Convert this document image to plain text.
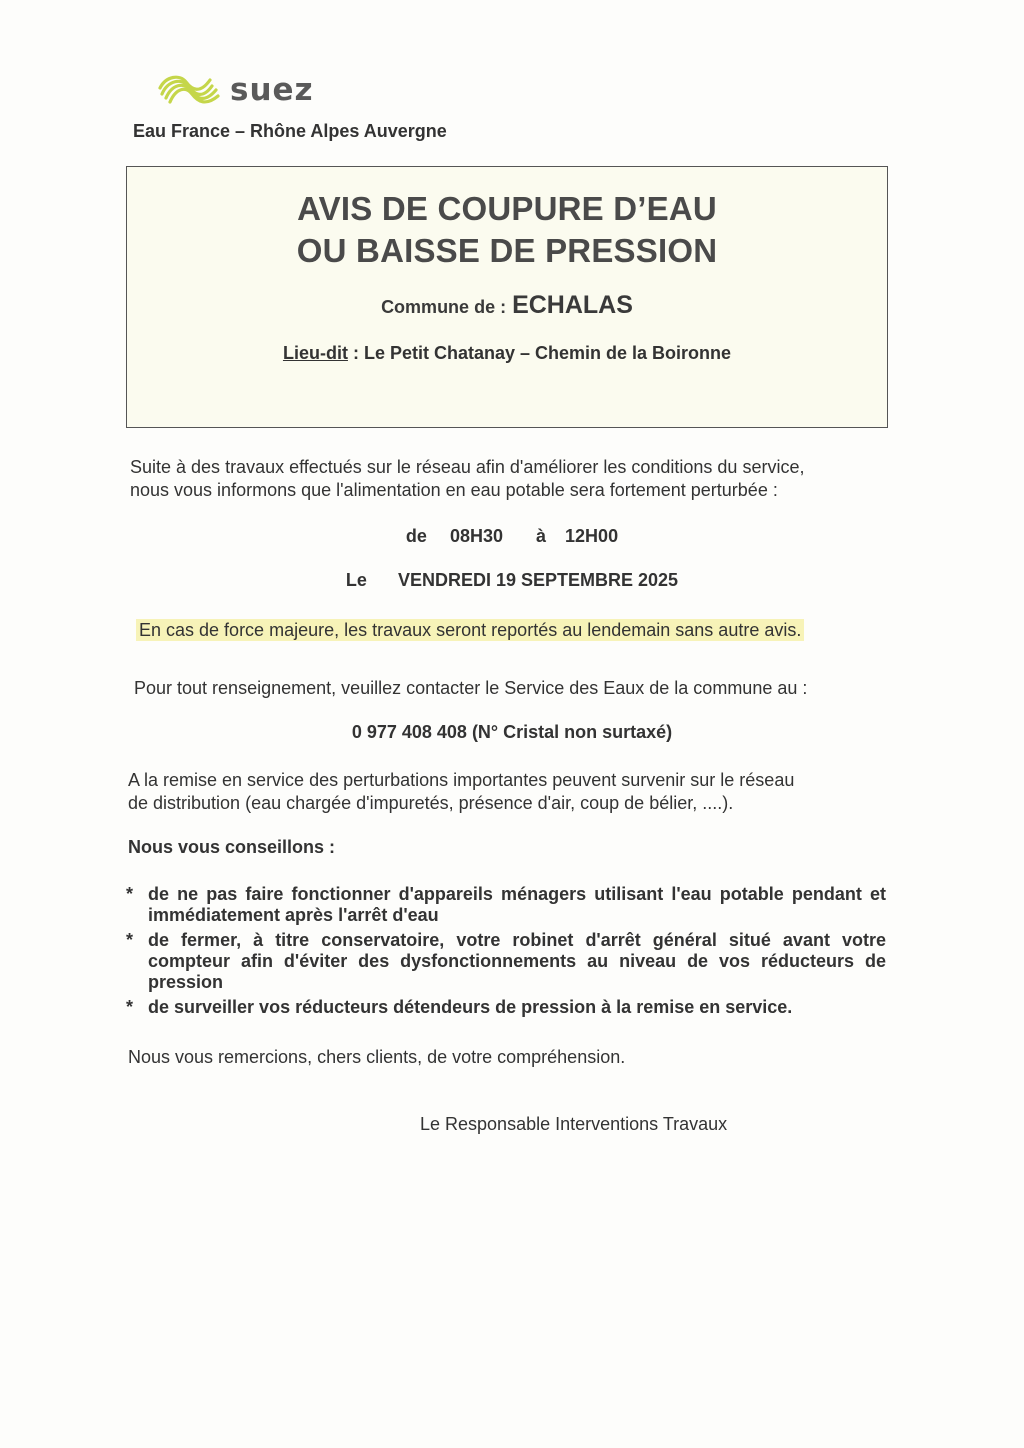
suez
Eau France – Rhône Alpes Auvergne
AVIS DE COUPURE D’EAU
OU BAISSE DE PRESSION
Commune de : ECHALAS
Lieu-dit : Le Petit Chatanay – Chemin de la Boironne
Suite à des travaux effectués sur le réseau afin d'améliorer les conditions du service,
nous vous informons que l'alimentation en eau potable sera fortement perturbée :
de 08H30 à 12H00
Le VENDREDI 19 SEPTEMBRE 2025
En cas de force majeure, les travaux seront reportés au lendemain sans autre avis.
Pour tout renseignement, veuillez contacter le Service des Eaux de la commune au :
0 977 408 408 (N° Cristal non surtaxé)
A la remise en service des perturbations importantes peuvent survenir sur le réseau
de distribution (eau chargée d'impuretés, présence d'air, coup de bélier, ....).
Nous vous conseillons :
* de ne pas faire fonctionner d'appareils ménagers utilisant l'eau potable pendant et immédiatement après l'arrêt d'eau
* de fermer, à titre conservatoire, votre robinet d'arrêt général situé avant votre compteur afin d'éviter des dysfonctionnements au niveau de vos réducteurs de pression
* de surveiller vos réducteurs détendeurs de pression à la remise en service.
Nous vous remercions, chers clients, de votre compréhension.
Le Responsable Interventions Travaux
